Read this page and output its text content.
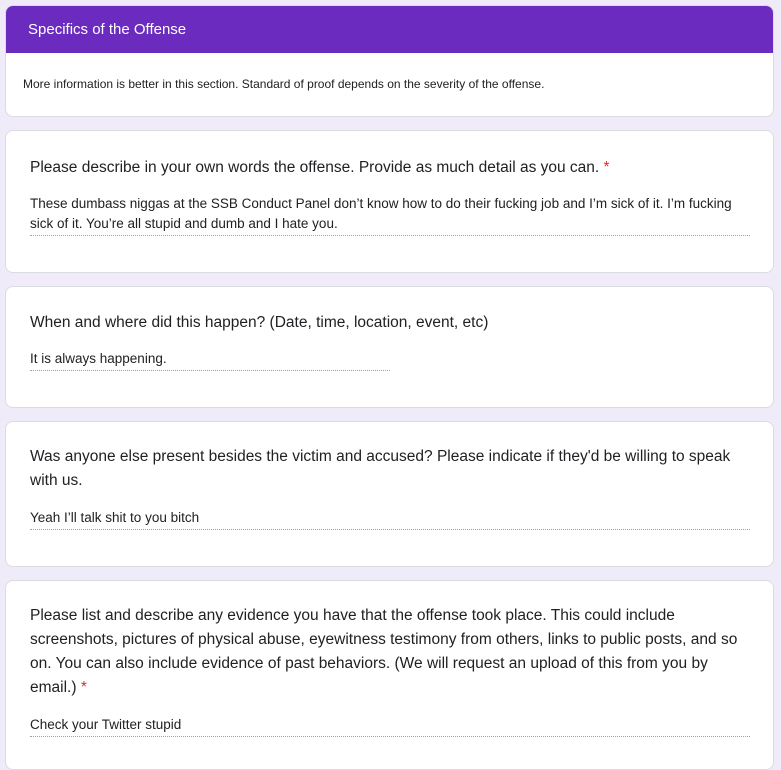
Specifics of the Offense
More information is better in this section. Standard of proof depends on the severity of the offense.
Please describe in your own words the offense. Provide as much detail as you can. *
These dumbass niggas at the SSB Conduct Panel don’t know how to do their fucking job and I’m sick of it. I’m fucking sick of it. You’re all stupid and dumb and I hate you.
When and where did this happen? (Date, time, location, event, etc)
It is always happening.
Was anyone else present besides the victim and accused? Please indicate if they'd be willing to speak with us.
Yeah I’ll talk shit to you bitch
Please list and describe any evidence you have that the offense took place. This could include screenshots, pictures of physical abuse, eyewitness testimony from others, links to public posts, and so on. You can also include evidence of past behaviors. (We will request an upload of this from you by email.) *
Check your Twitter stupid
